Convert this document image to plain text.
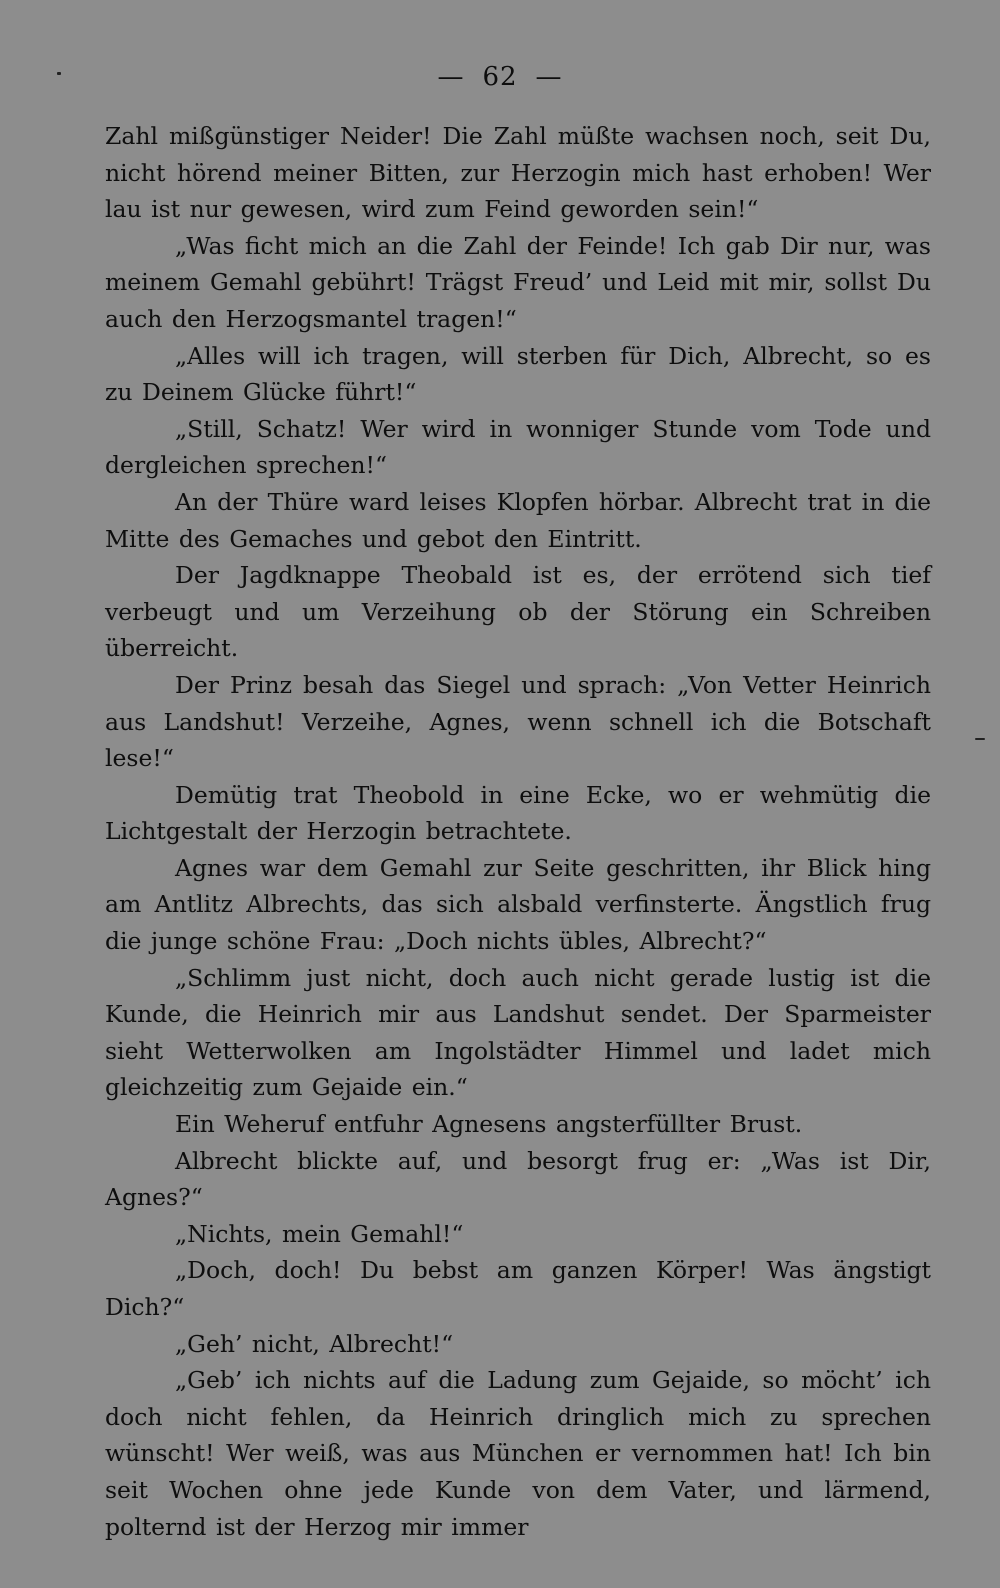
— 62 —

Zahl mißgünstiger Neider! Die Zahl müßte wachsen noch, seit Du, nicht hörend meiner Bitten, zur Herzogin mich hast erhoben! Wer lau ist nur gewesen, wird zum Feind geworden sein!“

„Was ficht mich an die Zahl der Feinde! Ich gab Dir nur, was meinem Gemahl gebührt! Trägst Freud’ und Leid mit mir, sollst Du auch den Herzogsmantel tragen!“

„Alles will ich tragen, will sterben für Dich, Albrecht, so es zu Deinem Glücke führt!“

„Still, Schatz! Wer wird in wonniger Stunde vom Tode und dergleichen sprechen!“

An der Thüre ward leises Klopfen hörbar. Albrecht trat in die Mitte des Gemaches und gebot den Eintritt.

Der Jagdknappe Theobald ist es, der errötend sich tief verbeugt und um Verzeihung ob der Störung ein Schreiben überreicht.

Der Prinz besah das Siegel und sprach: „Von Vetter Heinrich aus Landshut! Verzeihe, Agnes, wenn schnell ich die Botschaft lese!“

Demütig trat Theobold in eine Ecke, wo er wehmütig die Lichtgestalt der Herzogin betrachtete.

Agnes war dem Gemahl zur Seite geschritten, ihr Blick hing am Antlitz Albrechts, das sich alsbald verfinsterte. Ängstlich frug die junge schöne Frau: „Doch nichts übles, Albrecht?“

„Schlimm just nicht, doch auch nicht gerade lustig ist die Kunde, die Heinrich mir aus Landshut sendet. Der Sparmeister sieht Wetterwolken am Ingolstädter Himmel und ladet mich gleichzeitig zum Gejaide ein.“

Ein Weheruf entfuhr Agnesens angsterfüllter Brust.

Albrecht blickte auf, und besorgt frug er: „Was ist Dir, Agnes?“

„Nichts, mein Gemahl!“

„Doch, doch! Du bebst am ganzen Körper! Was ängstigt Dich?“

„Geh’ nicht, Albrecht!“

„Geb’ ich nichts auf die Ladung zum Gejaide, so möcht’ ich doch nicht fehlen, da Heinrich dringlich mich zu sprechen wünscht! Wer weiß, was aus München er vernommen hat! Ich bin seit Wochen ohne jede Kunde von dem Vater, und lärmend, polternd ist der Herzog mir immer
